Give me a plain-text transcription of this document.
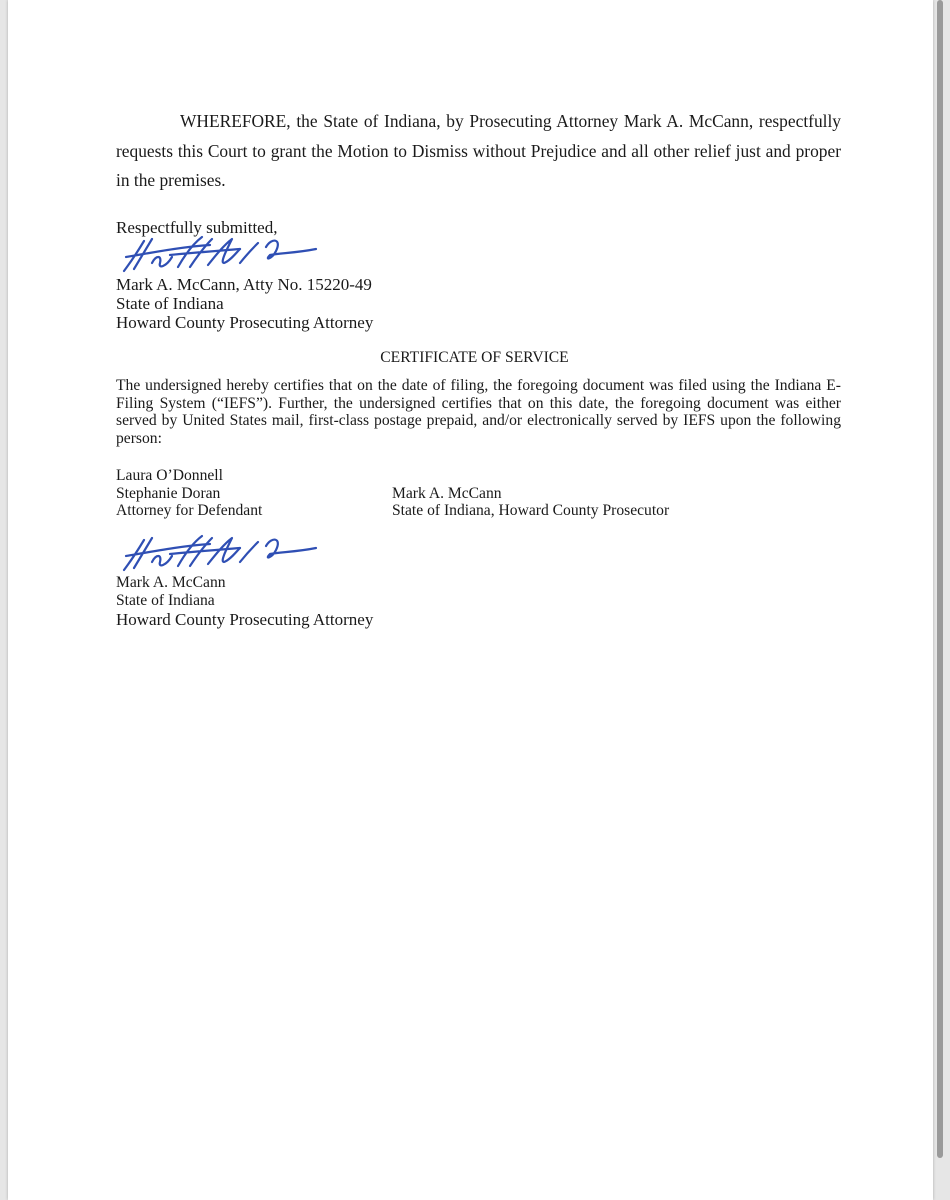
WHEREFORE, the State of Indiana, by Prosecuting Attorney Mark A. McCann, respectfully requests this Court to grant the Motion to Dismiss without Prejudice and all other relief just and proper in the premises.

Respectfully submitted,

Mark A. McCann, Atty No. 15220-49

State of Indiana

Howard County Prosecuting Attorney

CERTIFICATE OF SERVICE

The undersigned hereby certifies that on the date of filing, the foregoing document was filed using the Indiana E-Filing System (“IEFS”). Further, the undersigned certifies that on this date, the foregoing document was either served by United States mail, first-class postage prepaid, and/or electronically served by IEFS upon the following person:

Laura O’Donnell

Stephanie Doran

Attorney for Defendant

Mark A. McCann

State of Indiana, Howard County Prosecutor

Mark A. McCann

State of Indiana

Howard County Prosecuting Attorney
